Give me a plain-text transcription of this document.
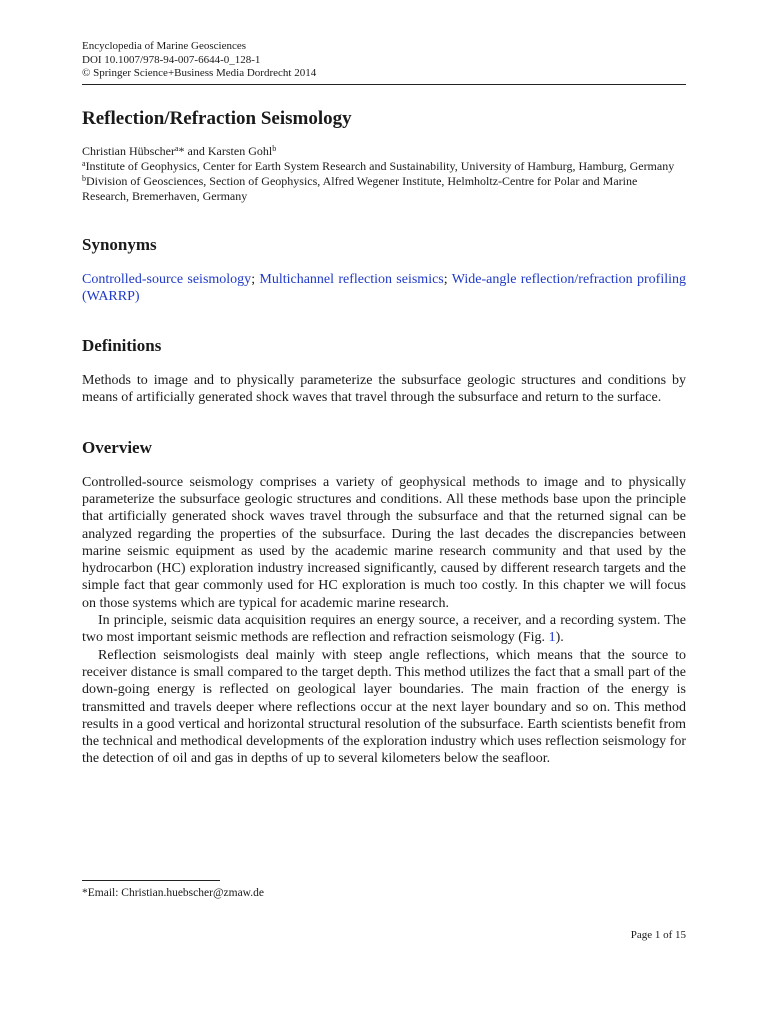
Encyclopedia of Marine Geosciences
DOI 10.1007/978-94-007-6644-0_128-1
© Springer Science+Business Media Dordrecht 2014
Reflection/Refraction Seismology
Christian Hübscher$^a$* and Karsten Gohl$^b$
$^a$Institute of Geophysics, Center for Earth System Research and Sustainability, University of Hamburg, Hamburg, Germany
$^b$Division of Geosciences, Section of Geophysics, Alfred Wegener Institute, Helmholtz-Centre for Polar and Marine Research, Bremerhaven, Germany
Synonyms
Controlled-source seismology; Multichannel reflection seismics; Wide-angle reflection/refraction profiling (WARRP)
Definitions

Methods to image and to physically parameterize the subsurface geologic structures and conditions by means of artificially generated shock waves that travel through the subsurface and return to the surface.

Overview

Controlled-source seismology comprises a variety of geophysical methods to image and to physically parameterize the subsurface geologic structures and conditions. All these methods base upon the principle that artificially generated shock waves travel through the subsurface and that the returned signal can be analyzed regarding the properties of the subsurface. During the last decades the discrepancies between marine seismic equipment as used by the academic marine research community and that used by the hydrocarbon (HC) exploration industry increased significantly, caused by different research targets and the simple fact that gear commonly used for HC exploration is much too costly. In this chapter we will focus on those systems which are typical for academic marine research.

In principle, seismic data acquisition requires an energy source, a receiver, and a recording system. The two most important seismic methods are reflection and refraction seismology (Fig. 1).

Reflection seismologists deal mainly with steep angle reflections, which means that the source to receiver distance is small compared to the target depth. This method utilizes the fact that a small part of the down-going energy is reflected on geological layer boundaries. The main fraction of the energy is transmitted and travels deeper where reflections occur at the next layer boundary and so on. This method results in a good vertical and horizontal structural resolution of the subsurface. Earth scientists benefit from the technical and methodical developments of the exploration industry which uses reflection seismology for the detection of oil and gas in depths of up to several kilometers below the seafloor.

*Email: Christian.huebscher@zmaw.de
Page 1 of 15
